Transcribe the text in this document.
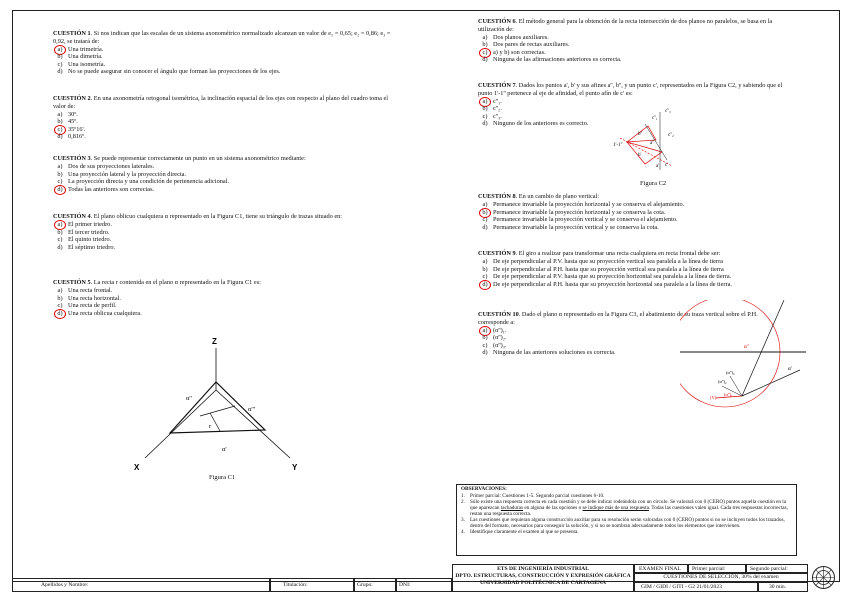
CUESTIÓN 1. Si nos indican que las escalas de un sistema axonométrico normalizado alcanzan un valor de e₁ = 0,65; e₂ = 0,86; e₃ = 0,92, se tratará de:
a) Una trimetría.
b) Una dimetría.
c) Una isometría.
d) No se puede asegurar sin conocer el ángulo que forman las proyecciones de los ejes.
CUESTIÓN 2. En una axonometría ortogonal isométrica, la inclinación espacial de los ejes con respecto al plano del cuadro toma el valor de:
a) 30º.
b) 45º.
c) 35º16'.
d) 0,816º.
CUESTIÓN 3. Se puede representar correctamente un punto en un sistema axonométrico mediante:
a) Dos de sus proyecciones laterales.
b) Una proyección lateral y la proyección directa.
c) La proyección directa y una condición de pertenencia adicional.
d) Todas las anteriores son correctas.
CUESTIÓN 4. El plano oblicuo cualquiera α representado en la Figura C1, tiene su triángulo de trazas situado en:
a) El primer triedro.
b) El tercer triedro.
c) El quinto triedro.
d) El séptimo triedro.
CUESTIÓN 5. La recta r contenida en el plano α representado en la Figura C1 es:
a) Una recta frontal.
b) Una recta horizontal.
c) Una recta de perfil.
d) Una recta oblicua cualquiera.
CUESTIÓN 6. El método general para la obtención de la recta intersección de dos planos no paralelos, se basa en la utilización de:
a) Dos planos auxiliares.
b) Dos pares de rectas auxiliares.
c) a) y b) son correctas.
d) Ninguna de las afirmaciones anteriores es correcta.
CUESTIÓN 7. Dados los puntos a', b' y sus afines a'', b'', y un punto c', representados en la Figura C2, y sabiendo que el punto 1'-1'' pertenece al eje de afinidad, el punto afín de c' es:
a) c''₁.
b) c''₂.
c) c''₃.
d) Ninguno de los anteriores es correcto.
CUESTIÓN 8. En un cambio de plano vertical:
a) Permanece invariable la proyección horizontal y se conserva el alejamiento.
b) Permanece invariable la proyección horizontal y se conserva la cota.
c) Permanece invariable la proyección vertical y se conserva el alejamiento.
d) Permanece invariable la proyección vertical y se conserva la cota.
CUESTIÓN 9. El giro a realizar para transformar una recta cualquiera en recta frontal debe ser:
a) De eje perpendicular al P.V. hasta que su proyección vertical sea paralela a la línea de tierra
b) De eje perpendicular al P.H. hasta que su proyección vertical sea paralela a la línea de tierra
c) De eje perpendicular al P.V. hasta que su proyección horizontal sea paralela a la línea de tierra.
d) De eje perpendicular al P.H. hasta que su proyección horizontal sea paralela a la línea de tierra.
CUESTIÓN 10. Dado el plano α representado en la Figura C3, el abatimiento de su traza vertical sobre el P.H. corresponde a:
a) (α'')₁.
b) (α'')₂.
c) (α'')₃.
d) Ninguna de las anteriores soluciones es correcta.
Z
X	Y
α''
α'''
α'
r
Figura C1
c''₃
c''₂
c''₁
b''
a''
b'
a'
1'-1''
c'
Figura C2
α''
α'
(α'')₁
(α'')₂
(V)
(α'')₃
OBSERVACIONES:
1. Primer parcial: Cuestiones 1-5. Segundo parcial cuestiones 6-10.
2. Sólo existe una respuesta correcta en cada cuestión y se debe indicar rodeándola con un círculo. Se valorará con 0 (CERO) puntos aquella cuestión en la que aparezcan tachaduras en alguna de las opciones o se indique más de una respuesta. Todas las cuestiones valen igual. Cada tres respuestas incorrectas, restan una respuesta correcta.
3. Las cuestiones que requieran alguna construcción auxiliar para su resolución serán valoradas con 0 (CERO) puntos si no se incluyen todos los trazados, dentro del formato, necesarios para conseguir la solución, y si no se nombran adecuadamente todos los elementos que intervienen.
4. Identifique claramente el examen al que se presenta.
Apellidos y Nombre:	Titulación:	Grupo:	DNI:
ETS DE INGENIERÍA INDUSTRIAL
DPTO. ESTRUCTURAS, CONSTRUCCIÓN Y EXPRESIÓN GRÁFICA
UNIVERSIDAD POLITÉCNICA DE CARTAGENA
EXAMEN FINAL Primer parcial:	Segundo parcial:
CUESTIONES DE SELECCIÓN, 30% del examen
GIM / GIDI / GITI - G2 21/01/2023	30 min.
